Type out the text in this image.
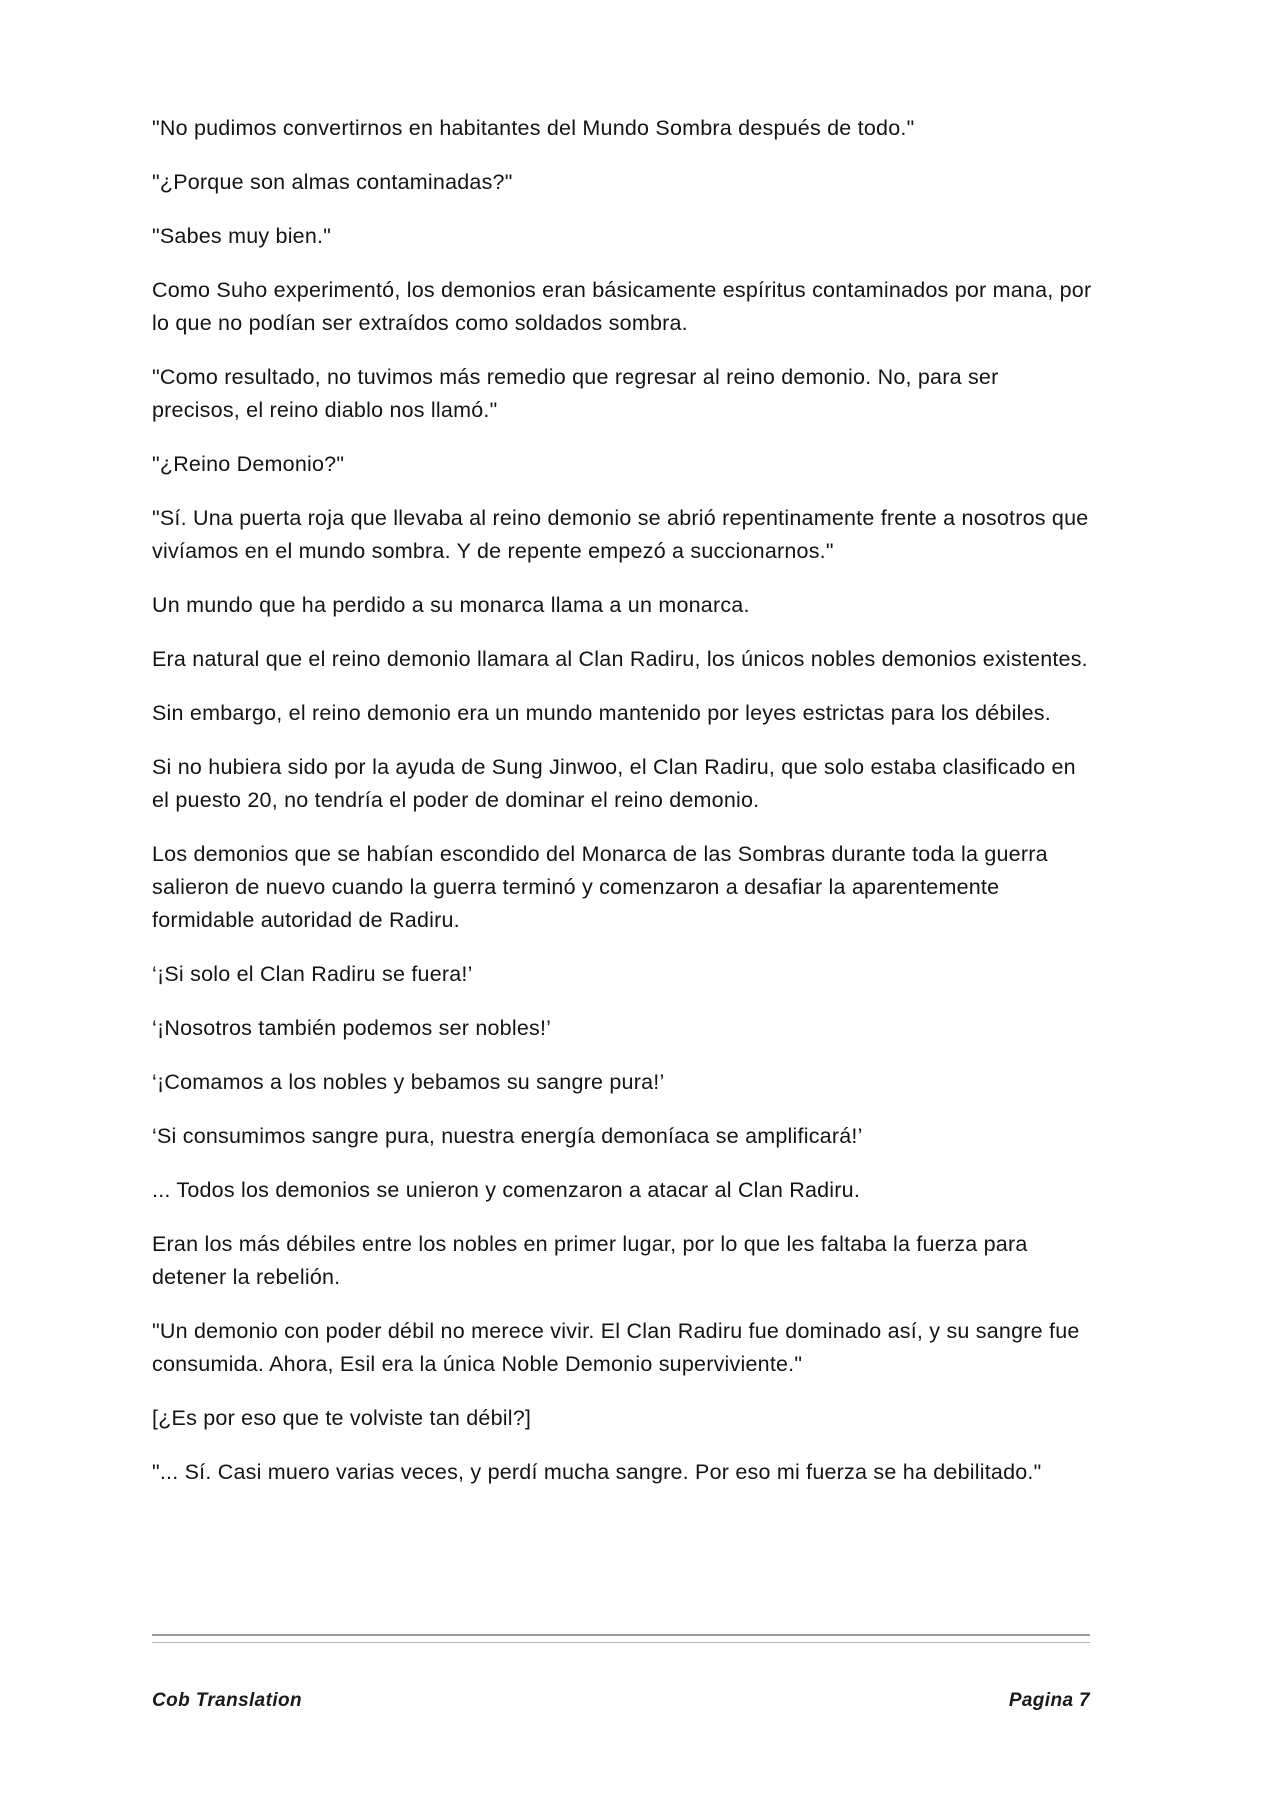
"No pudimos convertirnos en habitantes del Mundo Sombra después de todo."

"¿Porque son almas contaminadas?"

"Sabes muy bien."

Como Suho experimentó, los demonios eran básicamente espíritus contaminados por mana, por lo que no podían ser extraídos como soldados sombra.

"Como resultado, no tuvimos más remedio que regresar al reino demonio. No, para ser precisos, el reino diablo nos llamó."

"¿Reino Demonio?"

"Sí. Una puerta roja que llevaba al reino demonio se abrió repentinamente frente a nosotros que vivíamos en el mundo sombra. Y de repente empezó a succionarnos."

Un mundo que ha perdido a su monarca llama a un monarca.

Era natural que el reino demonio llamara al Clan Radiru, los únicos nobles demonios existentes.

Sin embargo, el reino demonio era un mundo mantenido por leyes estrictas para los débiles.

Si no hubiera sido por la ayuda de Sung Jinwoo, el Clan Radiru, que solo estaba clasificado en el puesto 20, no tendría el poder de dominar el reino demonio.

Los demonios que se habían escondido del Monarca de las Sombras durante toda la guerra salieron de nuevo cuando la guerra terminó y comenzaron a desafiar la aparentemente formidable autoridad de Radiru.

‘¡Si solo el Clan Radiru se fuera!’

‘¡Nosotros también podemos ser nobles!’

‘¡Comamos a los nobles y bebamos su sangre pura!’

‘Si consumimos sangre pura, nuestra energía demoníaca se amplificará!’

... Todos los demonios se unieron y comenzaron a atacar al Clan Radiru.

Eran los más débiles entre los nobles en primer lugar, por lo que les faltaba la fuerza para detener la rebelión.

"Un demonio con poder débil no merece vivir. El Clan Radiru fue dominado así, y su sangre fue consumida. Ahora, Esil era la única Noble Demonio superviviente."

[¿Es por eso que te volviste tan débil?]

"... Sí. Casi muero varias veces, y perdí mucha sangre. Por eso mi fuerza se ha debilitado."

Cob Translation	Pagina 7
